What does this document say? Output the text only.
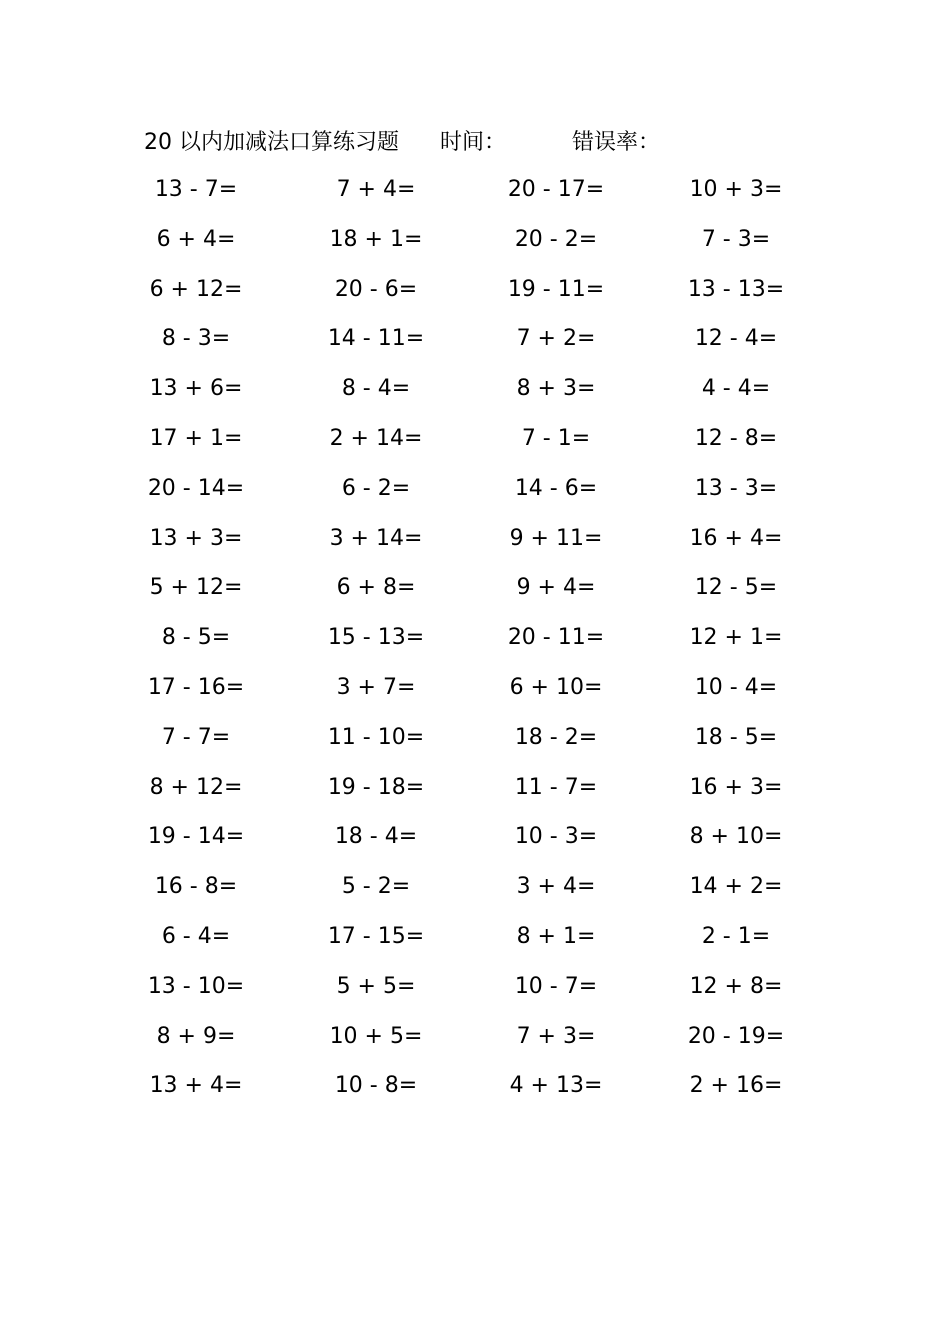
20 以内加减法口算练习题 时间：	错误率：
13 - 7=	7 + 4=	20 - 17=	10 + 3=
6 + 4=	18 + 1=	20 - 2=	7 - 3=
6 + 12=	20 - 6=	19 - 11=	13 - 13=
8 - 3=	14 - 11=	7 + 2=	12 - 4=
13 + 6=	8 - 4=	8 + 3=	4 - 4=
17 + 1=	2 + 14=	7 - 1=	12 - 8=
20 - 14=	6 - 2=	14 - 6=	13 - 3=
13 + 3=	3 + 14=	9 + 11=	16 + 4=
5 + 12=	6 + 8=	9 + 4=	12 - 5=
8 - 5=	15 - 13=	20 - 11=	12 + 1=
17 - 16=	3 + 7=	6 + 10=	10 - 4=
7 - 7=	11 - 10=	18 - 2=	18 - 5=
8 + 12=	19 - 18=	11 - 7=	16 + 3=
19 - 14=	18 - 4=	10 - 3=	8 + 10=
16 - 8=	5 - 2=	3 + 4=	14 + 2=
6 - 4=	17 - 15=	8 + 1=	2 - 1=
13 - 10=	5 + 5=	10 - 7=	12 + 8=
8 + 9=	10 + 5=	7 + 3=	20 - 19=
13 + 4=	10 - 8=	4 + 13=	2 + 16=
